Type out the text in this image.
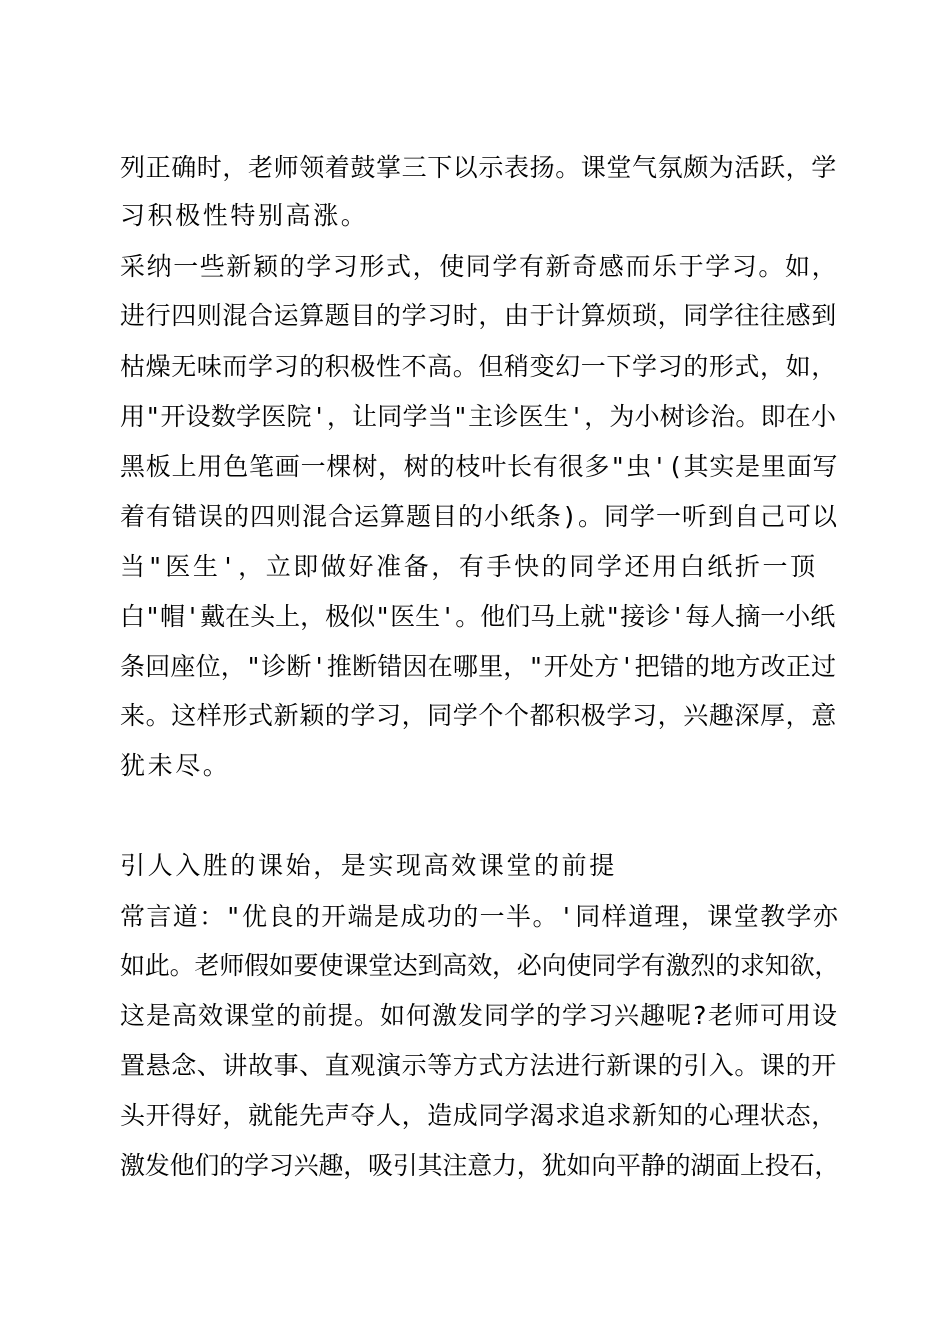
列正确时，老师领着鼓掌三下以示表扬。课堂气氛颇为活跃，学
习积极性特别高涨。
采纳一些新颖的学习形式，使同学有新奇感而乐于学习。如，
进行四则混合运算题目的学习时，由于计算烦琐，同学往往感到
枯燥无味而学习的积极性不高。但稍变幻一下学习的形式，如，
用"开设数学医院'，让同学当"主诊医生'，为小树诊治。即在小
黑板上用色笔画一棵树，树的枝叶长有很多"虫'(其实是里面写
着有错误的四则混合运算题目的小纸条)。同学一听到自己可以
当"医生'，立即做好准备，有手快的同学还用白纸折一顶
白"帽'戴在头上，极似"医生'。他们马上就"接诊'每人摘一小纸
条回座位，"诊断'推断错因在哪里，"开处方'把错的地方改正过
来。这样形式新颖的学习，同学个个都积极学习，兴趣深厚，意
犹未尽。
引人入胜的课始，是实现高效课堂的前提
常言道："优良的开端是成功的一半。'同样道理，课堂教学亦
如此。老师假如要使课堂达到高效，必向使同学有激烈的求知欲，
这是高效课堂的前提。如何激发同学的学习兴趣呢?老师可用设
置悬念、讲故事、直观演示等方式方法进行新课的引入。课的开
头开得好，就能先声夺人，造成同学渴求追求新知的心理状态，
激发他们的学习兴趣，吸引其注意力，犹如向平静的湖面上投石，
